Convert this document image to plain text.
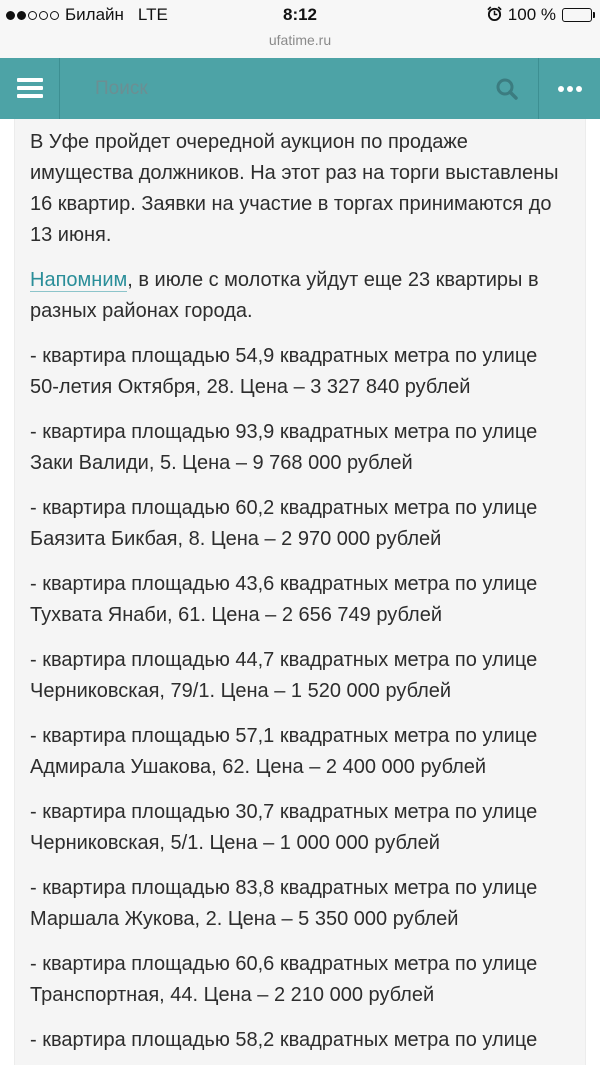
Билайн LTE	8:12	100 %
ufatime.ru
Поиск

В Уфе пройдет очередной аукцион по продаже имущества должников. На этот раз на торги выставлены 16 квартир. Заявки на участие в торгах принимаются до 13 июня.

Напомним, в июле с молотка уйдут еще 23 квартиры в разных районах города.

- квартира площадью 54,9 квадратных метра по улице 50-летия Октября, 28. Цена – 3 327 840 рублей

- квартира площадью 93,9 квадратных метра по улице Заки Валиди, 5. Цена – 9 768 000 рублей

- квартира площадью 60,2 квадратных метра по улице Баязита Бикбая, 8. Цена – 2 970 000 рублей

- квартира площадью 43,6 квадратных метра по улице Тухвата Янаби, 61. Цена – 2 656 749 рублей

- квартира площадью 44,7 квадратных метра по улице Черниковская, 79/1. Цена – 1 520 000 рублей

- квартира площадью 57,1 квадратных метра по улице Адмирала Ушакова, 62. Цена – 2 400 000 рублей

- квартира площадью 30,7 квадратных метра по улице Черниковская, 5/1. Цена – 1 000 000 рублей

- квартира площадью 83,8 квадратных метра по улице Маршала Жукова, 2. Цена – 5 350 000 рублей

- квартира площадью 60,6 квадратных метра по улице Транспортная, 44. Цена – 2 210 000 рублей

- квартира площадью 58,2 квадратных метра по улице
